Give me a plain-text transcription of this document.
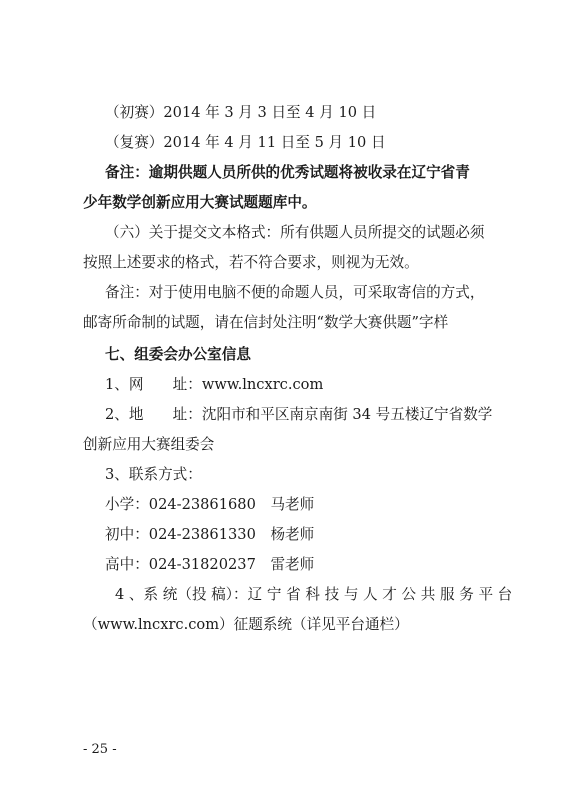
（初赛）2014 年 3 月 3 日至 4 月 10 日
（复赛）2014 年 4 月 11 日至 5 月 10 日
备注：逾期供题人员所供的优秀试题将被收录在辽宁省青
少年数学创新应用大赛试题题库中。
（六）关于提交文本格式：所有供题人员所提交的试题必须
按照上述要求的格式，若不符合要求，则视为无效。
备注：对于使用电脑不便的命题人员，可采取寄信的方式，
邮寄所命制的试题，请在信封处注明“数学大赛供题”字样
七、组委会办公室信息
1、网　　址：www.lncxrc.com
2、地　　址：沈阳市和平区南京南街 34 号五楼辽宁省数学
创新应用大赛组委会
3、联系方式：
小学：024-23861680　马老师
初中：024-23861330　杨老师
高中：024-31820237　雷老师
4 、系 统（投 稿）：辽 宁 省 科 技 与 人 才 公 共 服 务 平 台
（www.lncxrc.com）征题系统（详见平台通栏）
- 25 -
